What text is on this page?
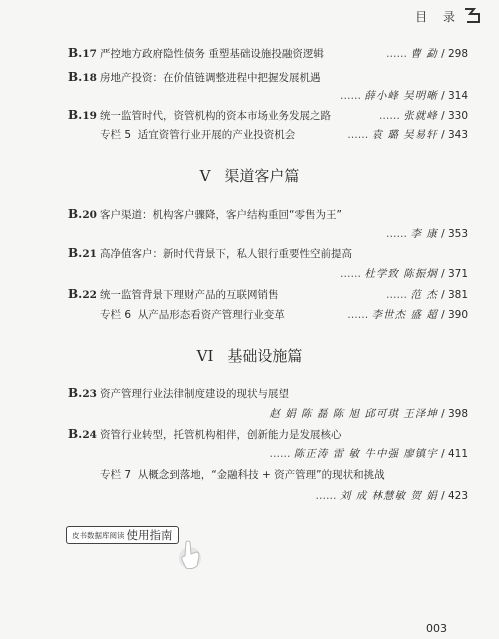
目 录
B.17 严控地方政府隐性债务 重塑基础设施投融资逻辑	…… 曹 勐 / 298
B.18 房地产投资：在价值链调整进程中把握发展机遇
…… 薛小峰 吴明晰 / 314
B.19 统一监管时代，资管机构的资本市场业务发展之路	…… 张就峰 / 330
专栏 5 适宜资管行业开展的产业投资机会	…… 袁 璐 吴易轩 / 343
V 渠道客户篇
B.20 客户渠道：机构客户骤降，客户结构重回“零售为王”
…… 李 康 / 353
B.21 高净值客户：新时代背景下，私人银行重要性空前提高
…… 杜学致 陈振炯 / 371
B.22 统一监管背景下理财产品的互联网销售	…… 范 杰 / 381
专栏 6 从产品形态看资产管理行业变革	…… 李世杰 盛 超 / 390
VI 基础设施篇
B.23 资产管理行业法律制度建设的现状与展望
赵 娟 陈 磊 陈 旭 邱可琪 王泽坤 / 398
B.24 资管行业转型，托管机构相伴，创新能力是发展核心
…… 陈正涛 雷 敏 牛中强 廖镇宇 / 411
专栏 7 从概念到落地，“金融科技 + 资产管理”的现状和挑战
…… 刘 成 林慧敏 贺 娟 / 423
皮书数据库阅读 使用指南
003
